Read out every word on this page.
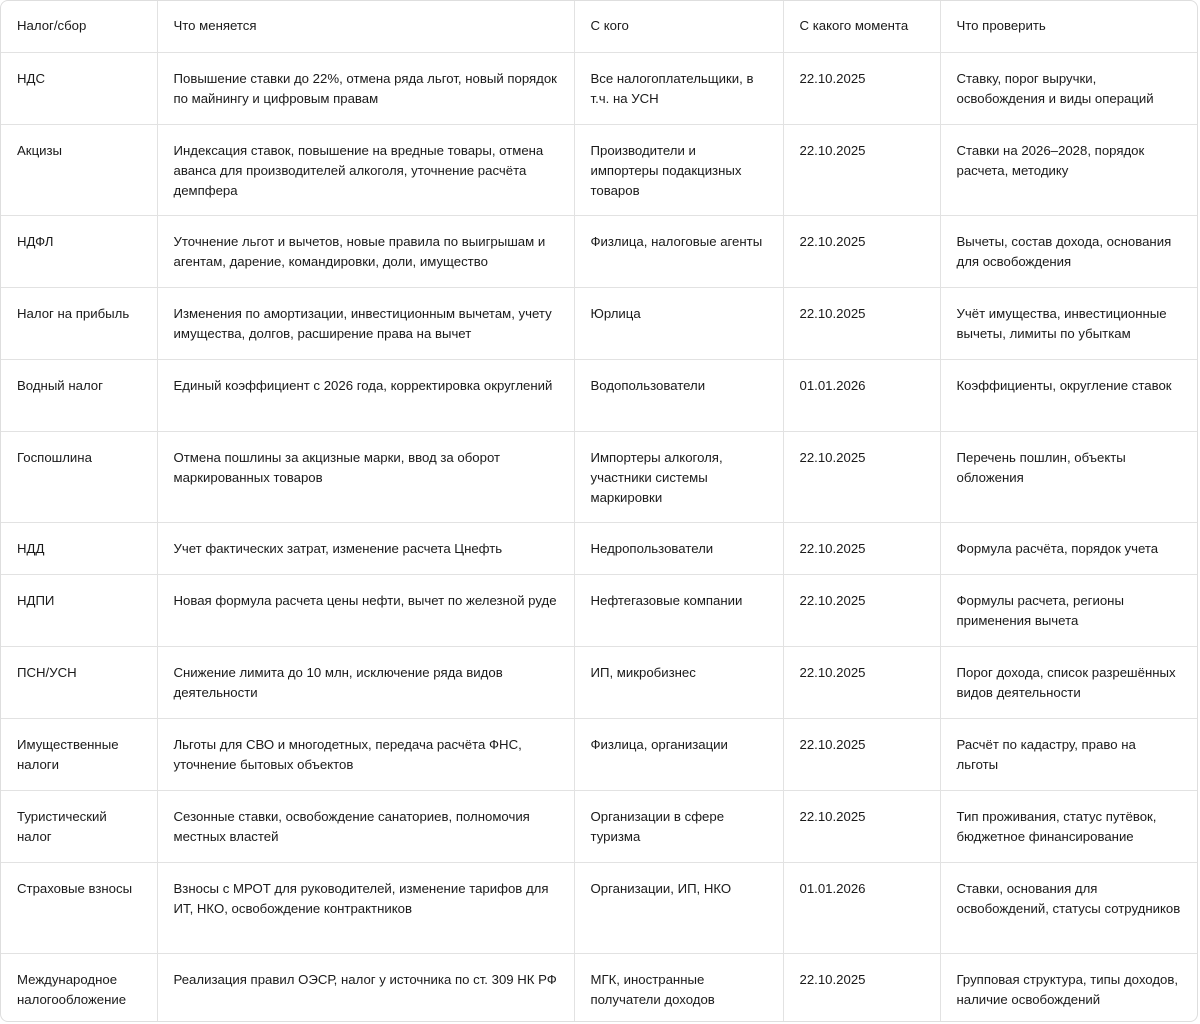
Налог/сбор	Что меняется	С кого	С какого момента	Что проверить
НДС	Повышение ставки до 22%, отмена ряда льгот, новый порядок по майнингу и цифровым правам	Все налогоплательщики, в т.ч. на УСН	22.10.2025	Ставку, порог выручки, освобождения и виды операций
Акцизы	Индексация ставок, повышение на вредные товары, отмена аванса для производителей алкоголя, уточнение расчёта демпфера	Производители и импортеры подакцизных товаров	22.10.2025	Ставки на 2026–2028, порядок расчета, методику
НДФЛ	Уточнение льгот и вычетов, новые правила по выигрышам и агентам, дарение, командировки, доли, имущество	Физлица, налоговые агенты	22.10.2025	Вычеты, состав дохода, основания для освобождения
Налог на прибыль	Изменения по амортизации, инвестиционным вычетам, учету имущества, долгов, расширение права на вычет	Юрлица	22.10.2025	Учёт имущества, инвестиционные вычеты, лимиты по убыткам
Водный налог	Единый коэффициент с 2026 года, корректировка округлений	Водопользователи	01.01.2026	Коэффициенты, округление ставок
Госпошлина	Отмена пошлины за акцизные марки, ввод за оборот маркированных товаров	Импортеры алкоголя, участники системы маркировки	22.10.2025	Перечень пошлин, объекты обложения
НДД	Учет фактических затрат, изменение расчета Цнефть	Недропользователи	22.10.2025	Формула расчёта, порядок учета
НДПИ	Новая формула расчета цены нефти, вычет по железной руде	Нефтегазовые компании	22.10.2025	Формулы расчета, регионы применения вычета
ПСН/УСН	Снижение лимита до 10 млн, исключение ряда видов деятельности	ИП, микробизнес	22.10.2025	Порог дохода, список разрешённых видов деятельности
Имущественные налоги	Льготы для СВО и многодетных, передача расчёта ФНС, уточнение бытовых объектов	Физлица, организации	22.10.2025	Расчёт по кадастру, право на льготы
Туристический налог	Сезонные ставки, освобождение санаториев, полномочия местных властей	Организации в сфере туризма	22.10.2025	Тип проживания, статус путёвок, бюджетное финансирование
Страховые взносы	Взносы с МРОТ для руководителей, изменение тарифов для ИТ, НКО, освобождение контрактников	Организации, ИП, НКО	01.01.2026	Ставки, основания для освобождений, статусы сотрудников
Международное налогообложение	Реализация правил ОЭСР, налог у источника по ст. 309 НК РФ	МГК, иностранные получатели доходов	22.10.2025	Групповая структура, типы доходов, наличие освобождений
